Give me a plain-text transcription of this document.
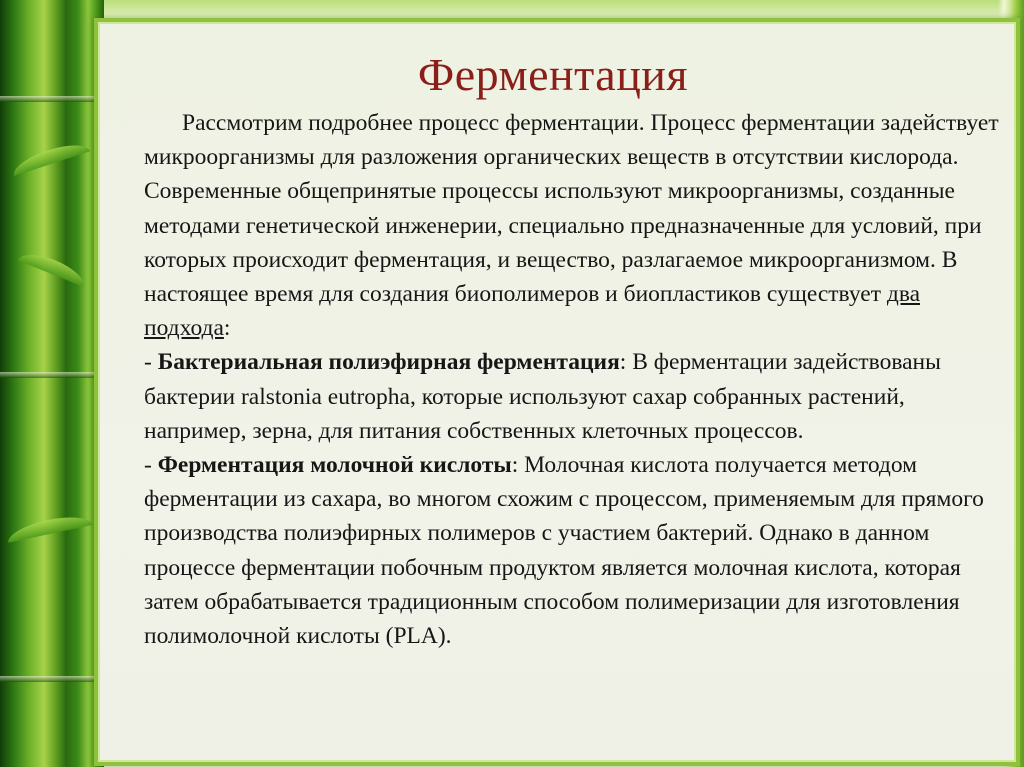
Ферментация

Рассмотрим подробнее процесс ферментации. Процесс ферментации задействует микроорганизмы для разложения органических веществ в отсутствии кислорода. Современные общепринятые процессы используют микроорганизмы, созданные методами генетической инженерии, специально предназначенные для условий, при которых происходит ферментация, и вещество, разлагаемое микроорганизмом. В настоящее время для создания биополимеров и биопластиков существует два подхода:

- Бактериальная полиэфирная ферментация: В ферментации задействованы бактерии ralstonia eutropha, которые используют сахар собранных растений, например, зерна, для питания собственных клеточных процессов.

- Ферментация молочной кислоты: Молочная кислота получается методом ферментации из сахара, во многом схожим с процессом, применяемым для прямого производства полиэфирных полимеров с участием бактерий. Однако в данном процессе ферментации побочным продуктом является молочная кислота, которая затем обрабатывается традиционным способом полимеризации для изготовления полимолочной кислоты (PLA).
